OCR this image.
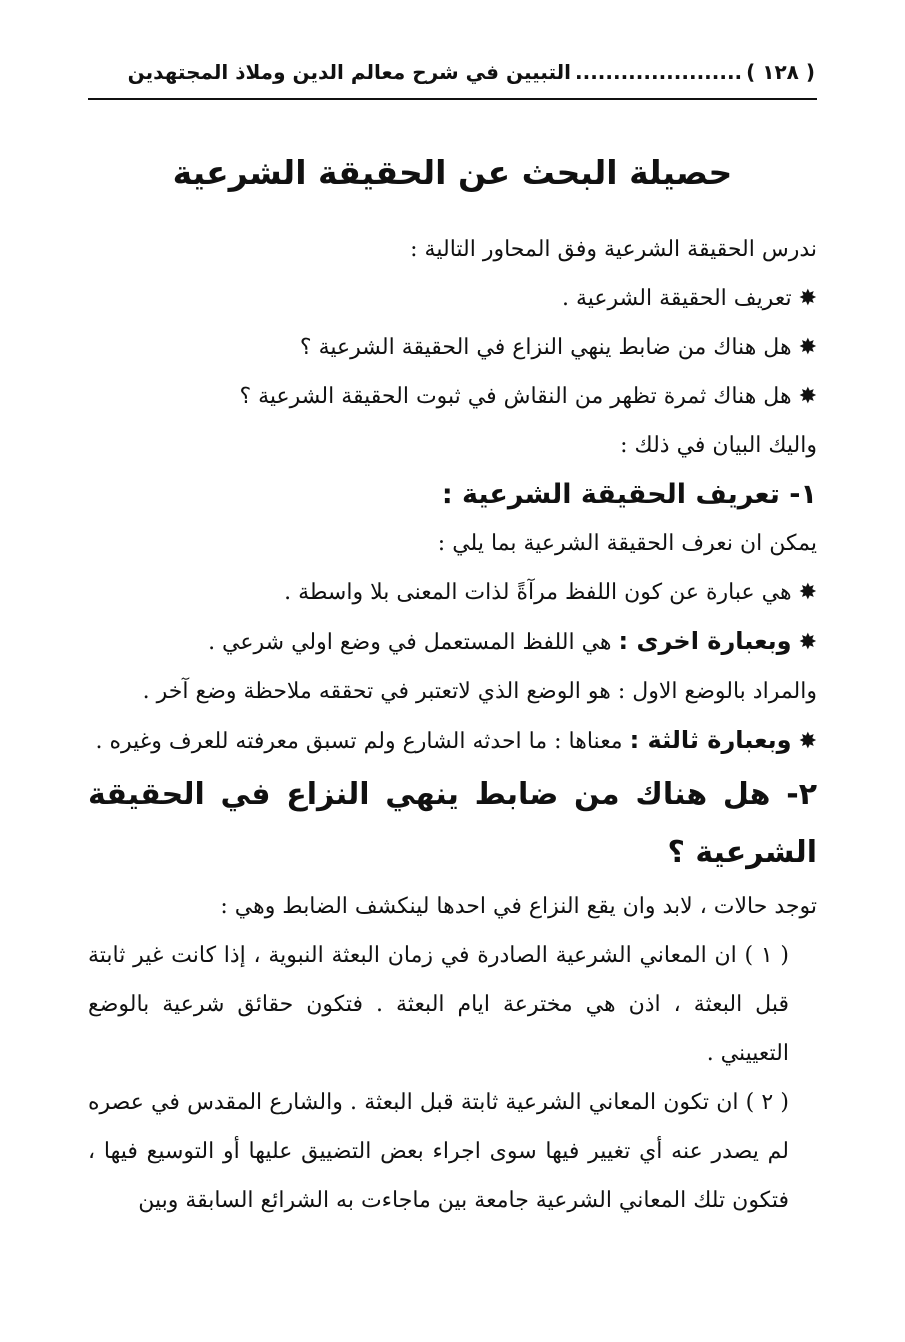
( ١٢٨ )
......................
التبيين في شرح معالم الدين وملاذ المجتهدين
حصيلة البحث عن الحقيقة الشرعية

ندرس الحقيقة الشرعية وفق المحاور التالية :

✸ تعريف الحقيقة الشرعية .

✸ هل هناك من ضابط ينهي النزاع في الحقيقة الشرعية ؟

✸ هل هناك ثمرة تظهر من النقاش في ثبوت الحقيقة الشرعية ؟

واليك البيان في ذلك :

١- تعريف الحقيقة الشرعية :

يمكن ان نعرف الحقيقة الشرعية بما يلي :

✸ هي عبارة عن كون اللفظ مرآةً لذات المعنى بلا واسطة .

✸ وبعبارة اخرى : هي اللفظ المستعمل في وضع اولي شرعي .

والمراد بالوضع الاول : هو الوضع الذي لاتعتبر في تحققه ملاحظة وضع آخر .

✸ وبعبارة ثالثة : معناها : ما احدثه الشارع ولم تسبق معرفته للعرف وغيره .

٢- هل هناك من ضابط ينهي النزاع في الحقيقة الشرعية ؟

توجد حالات ، لابد وان يقع النزاع في احدها لينكشف الضابط وهي :

( ١ ) ان المعاني الشرعية الصادرة في زمان البعثة النبوية ، إذا كانت غير ثابتة قبل البعثة ، اذن هي مخترعة ايام البعثة . فتكون حقائق شرعية بالوضع التعييني .

( ٢ ) ان تكون المعاني الشرعية ثابتة قبل البعثة . والشارع المقدس في عصره لم يصدر عنه أي تغيير فيها سوى اجراء بعض التضييق عليها أو التوسيع فيها ، فتكون تلك المعاني الشرعية جامعة بين ماجاءت به الشرائع السابقة وبين
